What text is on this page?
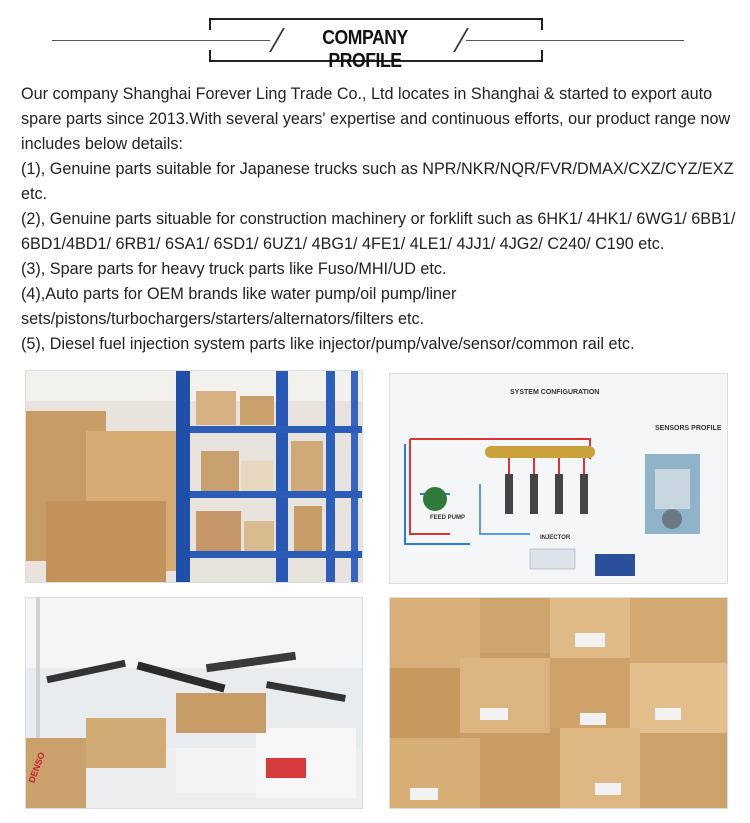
COMPANY PROFILE

Our company Shanghai Forever Ling Trade Co., Ltd locates in Shanghai & started to export auto spare parts since 2013.With several years' expertise and continuous efforts, our product range now includes below details:

(1), Genuine parts suitable for Japanese trucks such as NPR/NKR/NQR/FVR/DMAX/CXZ/CYZ/EXZ etc.

(2), Genuine parts situable for construction machinery or forklift such as 6HK1/ 4HK1/ 6WG1/ 6BB1/ 6BD1/4BD1/ 6RB1/ 6SA1/ 6SD1/ 6UZ1/ 4BG1/ 4FE1/ 4LE1/ 4JJ1/ 4JG2/ C240/ C190 etc.

(3), Spare parts for heavy truck parts like Fuso/MHI/UD etc.

(4),Auto parts for OEM brands like water pump/oil pump/liner sets/pistons/turbochargers/starters/alternators/filters etc.

(5), Diesel fuel injection system parts like injector/pump/valve/sensor/common rail etc.

SYSTEM CONFIGURATION
SENSORS PROFILE
FEED PUMP
INJECTOR
DENSO
